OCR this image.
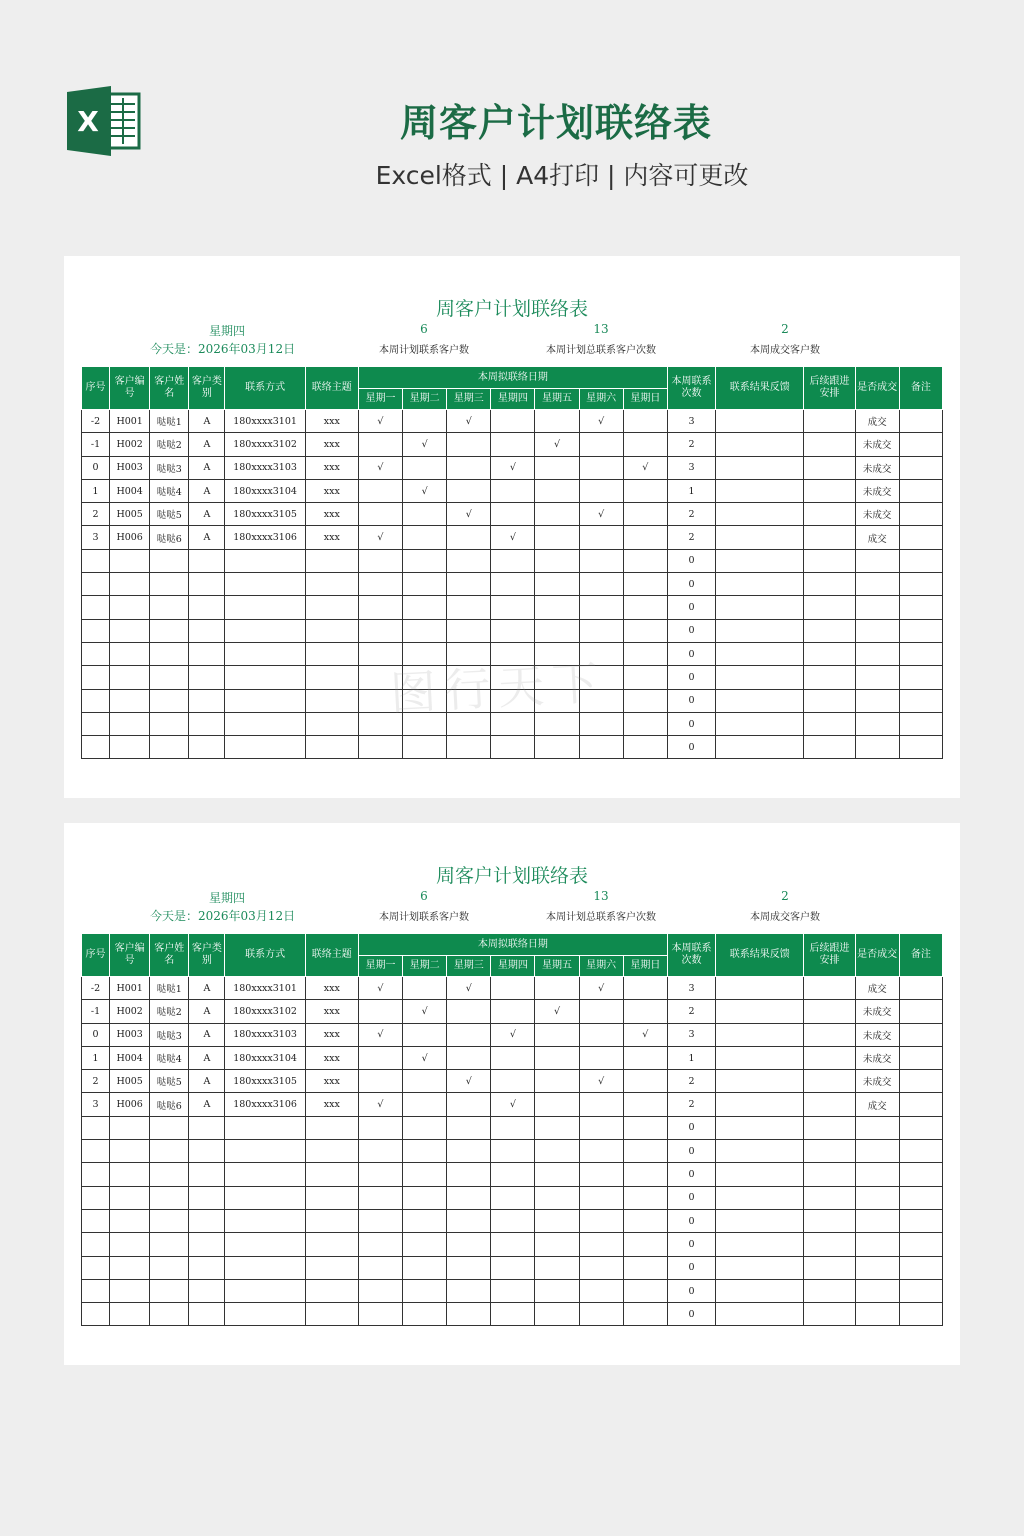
X	周客户计划联络表
Excel格式 | A4打印 | 内容可更改
周客户计划联络表
星期四
今天是：2026年03月12日
6
本周计划联系客户数
13
本周计划总联系客户次数
2
本周成交客户数
序号	客户编号	客户姓名	客户类别	联系方式	联络主题	本周拟联络日期							本周联系次数	联系结果反馈	后续跟进安排	是否成交	备注
						星期一	星期二	星期三	星期四	星期五	星期六	星期日					
-2	H001	哒哒1	A	180xxxx3101	xxx	√		√			√		3			成交	
-1	H002	哒哒2	A	180xxxx3102	xxx		√			√			2			未成交	
0	H003	哒哒3	A	180xxxx3103	xxx	√			√			√	3			未成交	
1	H004	哒哒4	A	180xxxx3104	xxx		√						1			未成交	
2	H005	哒哒5	A	180xxxx3105	xxx			√			√		2			未成交	
3	H006	哒哒6	A	180xxxx3106	xxx	√			√				2			成交	
													0				
													0				
													0				
													0				
													0				
													0				
													0				
													0				
													0				
周客户计划联络表
星期四
今天是：2026年03月12日
6
本周计划联系客户数
13
本周计划总联系客户次数
2
本周成交客户数
序号	客户编号	客户姓名	客户类别	联系方式	联络主题	本周拟联络日期							本周联系次数	联系结果反馈	后续跟进安排	是否成交	备注
						星期一	星期二	星期三	星期四	星期五	星期六	星期日					
-2	H001	哒哒1	A	180xxxx3101	xxx	√		√			√		3			成交	
-1	H002	哒哒2	A	180xxxx3102	xxx		√			√			2			未成交	
0	H003	哒哒3	A	180xxxx3103	xxx	√			√			√	3			未成交	
1	H004	哒哒4	A	180xxxx3104	xxx		√						1			未成交	
2	H005	哒哒5	A	180xxxx3105	xxx			√			√		2			未成交	
3	H006	哒哒6	A	180xxxx3106	xxx	√			√				2			成交	
													0				
													0				
													0				
													0				
													0				
													0				
													0				
													0				
													0				
图行天下
